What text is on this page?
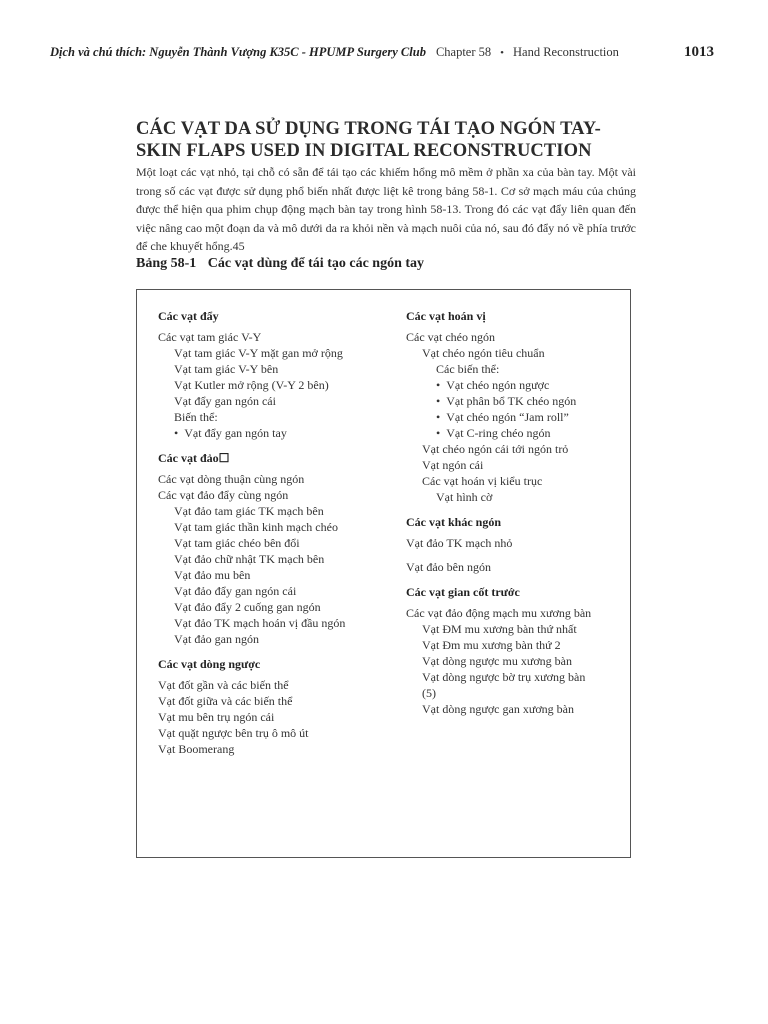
Dịch và chú thích: Nguyễn Thành Vượng K35C - HPUMP Surgery Club Chapter 58 • Hand Reconstruction	1013
CÁC VẠT DA SỬ DỤNG TRONG TÁI TẠO NGÓN TAY- SKIN FLAPS USED IN DIGITAL RECONSTRUCTION

Một loạt các vạt nhỏ, tại chỗ có sẵn để tái tạo các khiếm hổng mô mềm ở phần xa của bàn tay. Một vài trong số các vạt được sử dụng phổ biến nhất được liệt kê trong bảng 58-1. Cơ sở mạch máu của chúng được thể hiện qua phim chụp động mạch bàn tay trong hình 58-13. Trong đó các vạt đẩy liên quan đến việc nâng cao một đoạn da và mô dưới da ra khỏi nền và mạch nuôi của nó, sau đó đẩy nó về phía trước để che khuyết hổng.45

Bảng 58-1 Các vạt dùng để tái tạo các ngón tay
Các vạt đẩy
Các vạt tam giác V-Y
Vạt tam giác V-Y mặt gan mở rộng
Vạt tam giác V-Y bên
Vạt Kutler mở rộng (V-Y 2 bên)
Vạt đẩy gan ngón cái
Biến thể:
• Vạt đẩy gan ngón tay
Các vạt đảo☐
Các vạt dòng thuận cùng ngón
Các vạt đảo đẩy cùng ngón
Vạt đảo tam giác TK mạch bên
Vạt tam giác thần kinh mạch chéo
Vạt tam giác chéo bên đổi
Vạt đảo chữ nhật TK mạch bên
Vạt đảo mu bên
Vạt đảo đẩy gan ngón cái
Vạt đảo đẩy 2 cuống gan ngón
Vạt đảo TK mạch hoán vị đầu ngón
Vạt đảo gan ngón
Các vạt dòng ngược
Vạt đốt gần và các biến thể
Vạt đốt giữa và các biến thể
Vạt mu bên trụ ngón cái
Vạt quặt ngược bên trụ ô mô út
Vạt Boomerang
Các vạt hoán vị
Các vạt chéo ngón
Vạt chéo ngón tiêu chuẩn
Các biến thể:
• Vạt chéo ngón ngược
• Vạt phân bổ TK chéo ngón
• Vạt chéo ngón “Jam roll”
• Vạt C-ring chéo ngón
Vạt chéo ngón cái tới ngón trỏ
Vạt ngón cái
Các vạt hoán vị kiểu trục
Vạt hình cờ
Các vạt khác ngón
Vạt đảo TK mạch nhỏ
Vạt đảo bên ngón
Các vạt gian cốt trước
Các vạt đảo động mạch mu xương bàn
Vạt ĐM mu xương bàn thứ nhất
Vạt Đm mu xương bàn thứ 2
Vạt dòng ngược mu xương bàn
Vạt dòng ngược bờ trụ xương bàn (5)
Vạt dòng ngược gan xương bàn
